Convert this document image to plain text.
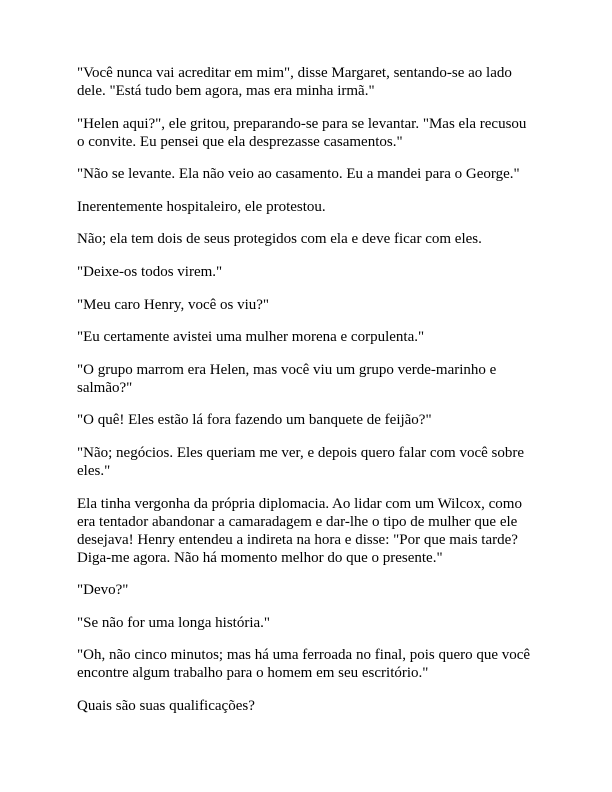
"Você nunca vai acreditar em mim", disse Margaret, sentando-se ao lado dele. "Está tudo bem agora, mas era minha irmã."

"Helen aqui?", ele gritou, preparando-se para se levantar. "Mas ela recusou o convite. Eu pensei que ela desprezasse casamentos."

"Não se levante. Ela não veio ao casamento. Eu a mandei para o George."

Inerentemente hospitaleiro, ele protestou.

Não; ela tem dois de seus protegidos com ela e deve ficar com eles.

"Deixe-os todos virem."

"Meu caro Henry, você os viu?"

"Eu certamente avistei uma mulher morena e corpulenta."

"O grupo marrom era Helen, mas você viu um grupo verde-marinho e salmão?"

"O quê! Eles estão lá fora fazendo um banquete de feijão?"

"Não; negócios. Eles queriam me ver, e depois quero falar com você sobre eles."

Ela tinha vergonha da própria diplomacia. Ao lidar com um Wilcox, como era tentador abandonar a camaradagem e dar-lhe o tipo de mulher que ele desejava! Henry entendeu a indireta na hora e disse: "Por que mais tarde? Diga-me agora. Não há momento melhor do que o presente."

"Devo?"

"Se não for uma longa história."

"Oh, não cinco minutos; mas há uma ferroada no final, pois quero que você encontre algum trabalho para o homem em seu escritório."

Quais são suas qualificações?
